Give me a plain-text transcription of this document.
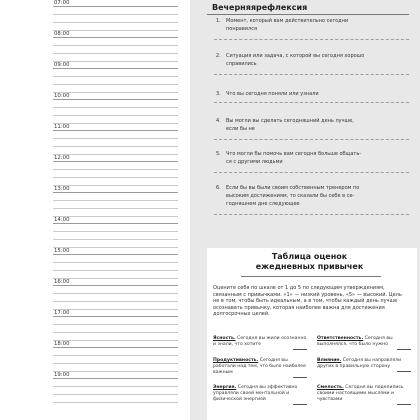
07:00
08:00
09:00
10:00
11:00
12:00
13:00
14:00
15:00
16:00
17:00
18:00
19:00
Вечерняярефлексия
1. Момент, который вам действительно сегодни
понравился
2. Ситуация или задача, с которой вы сегодня хорошо
справились
3. Что вы сегодня поняли или узнали
4. Вы могли вы сделать сегодняшний день лучше,
если бы не
5. Что могли бы помочь вам сегодня больше общать-
ся с другими людьми
6. Если бы вы были своим собственным тренером по
высоким достижениям, то сказали бы себе в се-
годняшнем дне следующее
Таблица оценок
ежедневных привычек
Оцените себя по шкале от 1 до 5 по следующим утверждениям, связанным с привычками. «1» — низкий уровень, «5» — высокий. Цель не в том, чтобы быть идеальным, а в том, чтобы каждый день лучше осознавать привычку, которая наиболее важна для достижения долгосрочных целей.
Ясность. Сегодня вы жили осознанно и знали, что хотите
Ответственность. Сегодня вы выполнялся, что было нужно
Продуктивность. Сегодня вы работали над тем, что было наиболее важным
Влияние. Сегодня вы направляли других в правильную сторону
Энергия. Сегодня вы эффективно управляли своей ментальной и физической энергией
Смелость. Сегодня вы поделились своими настоящими мыслями и чувствами
